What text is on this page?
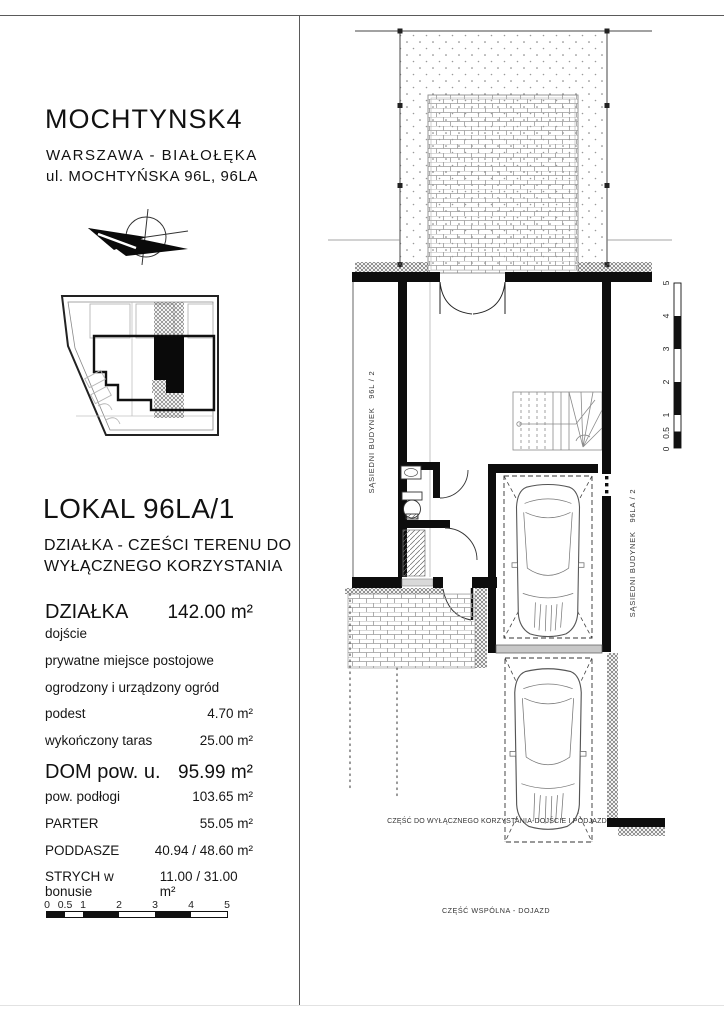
MOCHTYNSK4
WARSZAWA - BIAŁOŁĘKA
ul. MOCHTYŃSKA 96L, 96LA
LOKAL 96LA/1
DZIAŁKA - CZEŚCI TERENU DO
WYŁĄCZNEGO KORZYSTANIA
DZIAŁKA 142.00 m²
dojście
prywatne miejsce postojowe
ogrodzony i urządzony ogród
podest	4.70 m²
wykończony taras	25.00 m²
DOM pow. u. 95.99 m²
pow. podłogi	103.65 m²
PARTER	55.05 m²
PODDASZE	40.94 / 48.60 m²
STRYCH w bonusie
11.00 / 31.00 m²
0 0.5 1	2	3	4	5
SĄSIEDNI BUDYNEK   96L / 2
SĄSIEDNI BUDYNEK   96LA / 2
CZĘŚĆ DO WYŁĄCZNEGO KORZYSTANIA-DOJŚCIE I PODJAZD
CZĘŚĆ WSPÓLNA - DOJAZD
5
4
3
2
1
0.5
0
